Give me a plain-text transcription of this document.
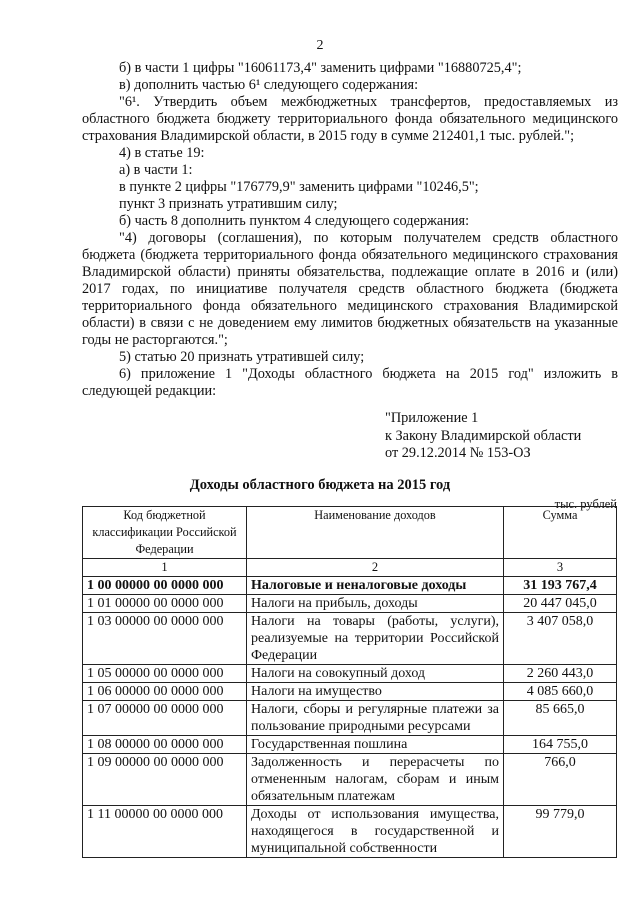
2

б) в части 1 цифры "16061173,4" заменить цифрами "16880725,4";

в) дополнить частью 6¹ следующего содержания:

"6¹. Утвердить объем межбюджетных трансфертов, предоставляемых из областного бюджета бюджету территориального фонда обязательного медицинского страхования Владимирской области, в 2015 году в сумме 212401,1 тыс. рублей.";

4) в статье 19:

а) в части 1:

в пункте 2 цифры "176779,9" заменить цифрами "10246,5";

пункт 3 признать утратившим силу;

б) часть 8 дополнить пунктом 4 следующего содержания:

"4) договоры (соглашения), по которым получателем средств областного бюджета (бюджета территориального фонда обязательного медицинского страхования Владимирской области) приняты обязательства, подлежащие оплате в 2016 и (или) 2017 годах, по инициативе получателя средств областного бюджета (бюджета территориального фонда обязательного медицинского страхования Владимирской области) в связи с не доведением ему лимитов бюджетных обязательств на указанные годы не расторгаются.";

5) статью 20 признать утратившей силу;

6) приложение 1 "Доходы областного бюджета на 2015 год" изложить в следующей редакции:

"Приложение 1
к Закону Владимирской области
от 29.12.2014 № 153-ОЗ
Доходы областного бюджета на 2015 год
тыс. рублей
Код бюджетной классификации Российской Федерации	Наименование доходов	Сумма
1	2	3
1 00 00000 00 0000 000	Налоговые и неналоговые доходы	31 193 767,4
1 01 00000 00 0000 000	Налоги на прибыль, доходы	20 447 045,0
1 03 00000 00 0000 000	Налоги на товары (работы, услуги), реализуемые на территории Российской Федерации	3 407 058,0
1 05 00000 00 0000 000	Налоги на совокупный доход	2 260 443,0
1 06 00000 00 0000 000	Налоги на имущество	4 085 660,0
1 07 00000 00 0000 000	Налоги, сборы и регулярные платежи за пользование природными ресурсами	85 665,0
1 08 00000 00 0000 000	Государственная пошлина	164 755,0
1 09 00000 00 0000 000	Задолженность и перерасчеты по отмененным налогам, сборам и иным обязательным платежам	766,0
1 11 00000 00 0000 000	Доходы от использования имущества, находящегося в государственной и муниципальной собственности	99 779,0
